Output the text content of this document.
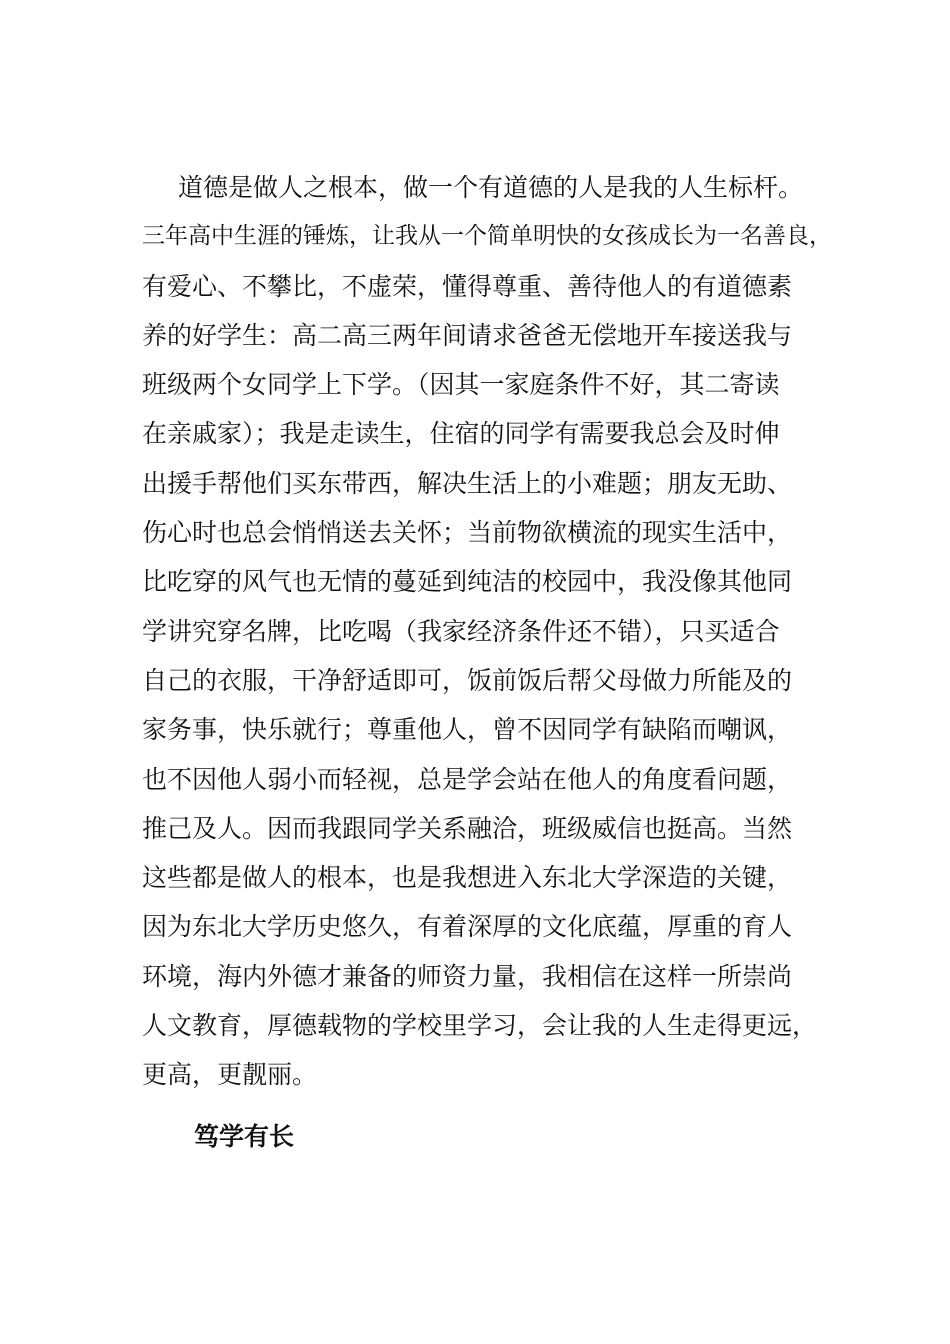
道德是做人之根本，做一个有道德的人是我的人生标杆。
三年高中生涯的锤炼，让我从一个简单明快的女孩成长为一名善良，
有爱心、不攀比，不虚荣，懂得尊重、善待他人的有道德素
养的好学生：高二高三两年间请求爸爸无偿地开车接送我与
班级两个女同学上下学。（因其一家庭条件不好，其二寄读
在亲戚家）；我是走读生，住宿的同学有需要我总会及时伸
出援手帮他们买东带西，解决生活上的小难题；朋友无助、
伤心时也总会悄悄送去关怀；当前物欲横流的现实生活中，
比吃穿的风气也无情的蔓延到纯洁的校园中，我没像其他同
学讲究穿名牌，比吃喝（我家经济条件还不错），只买适合
自己的衣服，干净舒适即可，饭前饭后帮父母做力所能及的
家务事，快乐就行；尊重他人，曾不因同学有缺陷而嘲讽，
也不因他人弱小而轻视，总是学会站在他人的角度看问题，
推己及人。因而我跟同学关系融洽，班级威信也挺高。当然
这些都是做人的根本，也是我想进入东北大学深造的关键，
因为东北大学历史悠久，有着深厚的文化底蕴，厚重的育人
环境，海内外德才兼备的师资力量，我相信在这样一所崇尚
人文教育，厚德载物的学校里学习，会让我的人生走得更远，
更高，更靓丽。
笃学有长
